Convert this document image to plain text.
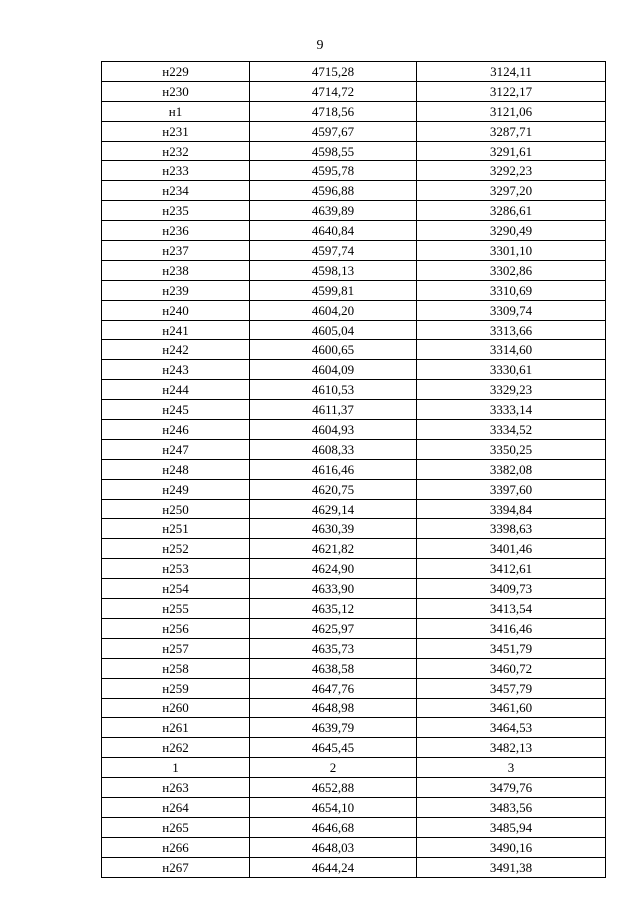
9
н229	4715,28	3124,11
н230	4714,72	3122,17
н1	4718,56	3121,06
н231	4597,67	3287,71
н232	4598,55	3291,61
н233	4595,78	3292,23
н234	4596,88	3297,20
н235	4639,89	3286,61
н236	4640,84	3290,49
н237	4597,74	3301,10
н238	4598,13	3302,86
н239	4599,81	3310,69
н240	4604,20	3309,74
н241	4605,04	3313,66
н242	4600,65	3314,60
н243	4604,09	3330,61
н244	4610,53	3329,23
н245	4611,37	3333,14
н246	4604,93	3334,52
н247	4608,33	3350,25
н248	4616,46	3382,08
н249	4620,75	3397,60
н250	4629,14	3394,84
н251	4630,39	3398,63
н252	4621,82	3401,46
н253	4624,90	3412,61
н254	4633,90	3409,73
н255	4635,12	3413,54
н256	4625,97	3416,46
н257	4635,73	3451,79
н258	4638,58	3460,72
н259	4647,76	3457,79
н260	4648,98	3461,60
н261	4639,79	3464,53
н262	4645,45	3482,13
1	2	3
н263	4652,88	3479,76
н264	4654,10	3483,56
н265	4646,68	3485,94
н266	4648,03	3490,16
н267	4644,24	3491,38
